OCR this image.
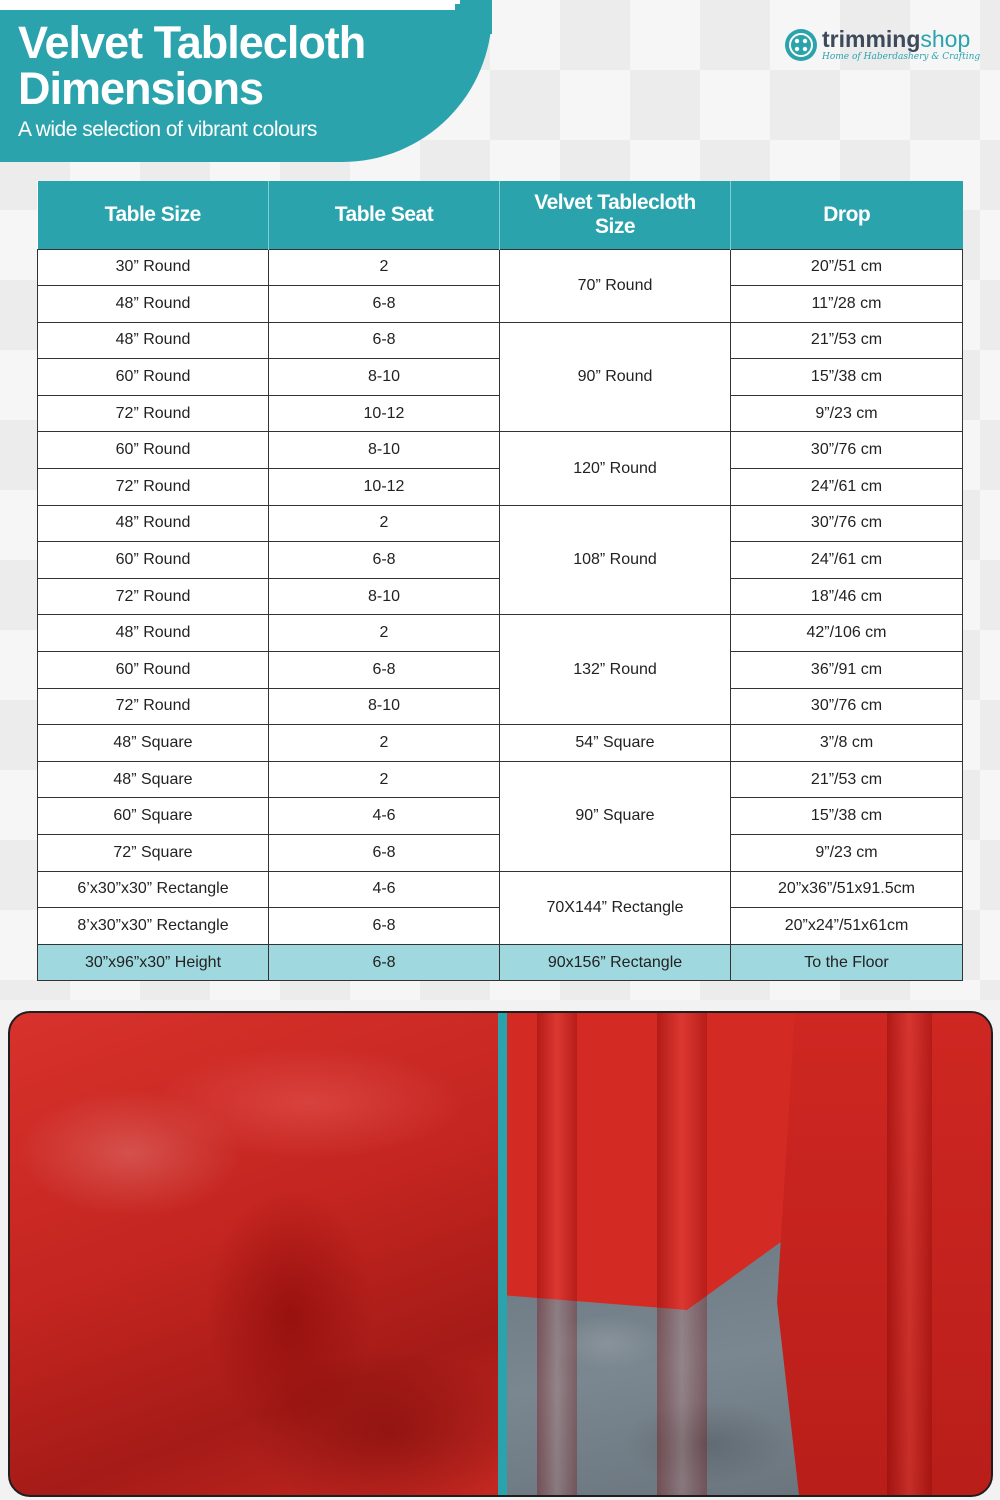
Velvet Tablecloth Dimensions
A wide selection of vibrant colours
trimmingshop
Home of Haberdashery & Crafting
Table Size	Table Seat	Velvet Tablecloth Size	Drop
30” Round	2	70” Round	20”/51 cm
48” Round	6-8		11”/28 cm
48” Round	6-8	90” Round	21”/53 cm
60” Round	8-10		15”/38 cm
72” Round	10-12		9”/23 cm
60” Round	8-10	120” Round	30”/76 cm
72” Round	10-12		24”/61 cm
48” Round	2	108” Round	30”/76 cm
60” Round	6-8		24”/61 cm
72” Round	8-10		18”/46 cm
48” Round	2	132” Round	42”/106 cm
60” Round	6-8		36”/91 cm
72” Round	8-10		30”/76 cm
48” Square	2	54” Square	3”/8 cm
48” Square	2	90” Square	21”/53 cm
60” Square	4-6		15”/38 cm
72” Square	6-8		9”/23 cm
6’x30”x30” Rectangle	4-6	70X144” Rectangle	20”x36”/51x91.5cm
8’x30”x30” Rectangle	6-8		20”x24”/51x61cm
30”x96”x30” Height	6-8	90x156” Rectangle	To the Floor
